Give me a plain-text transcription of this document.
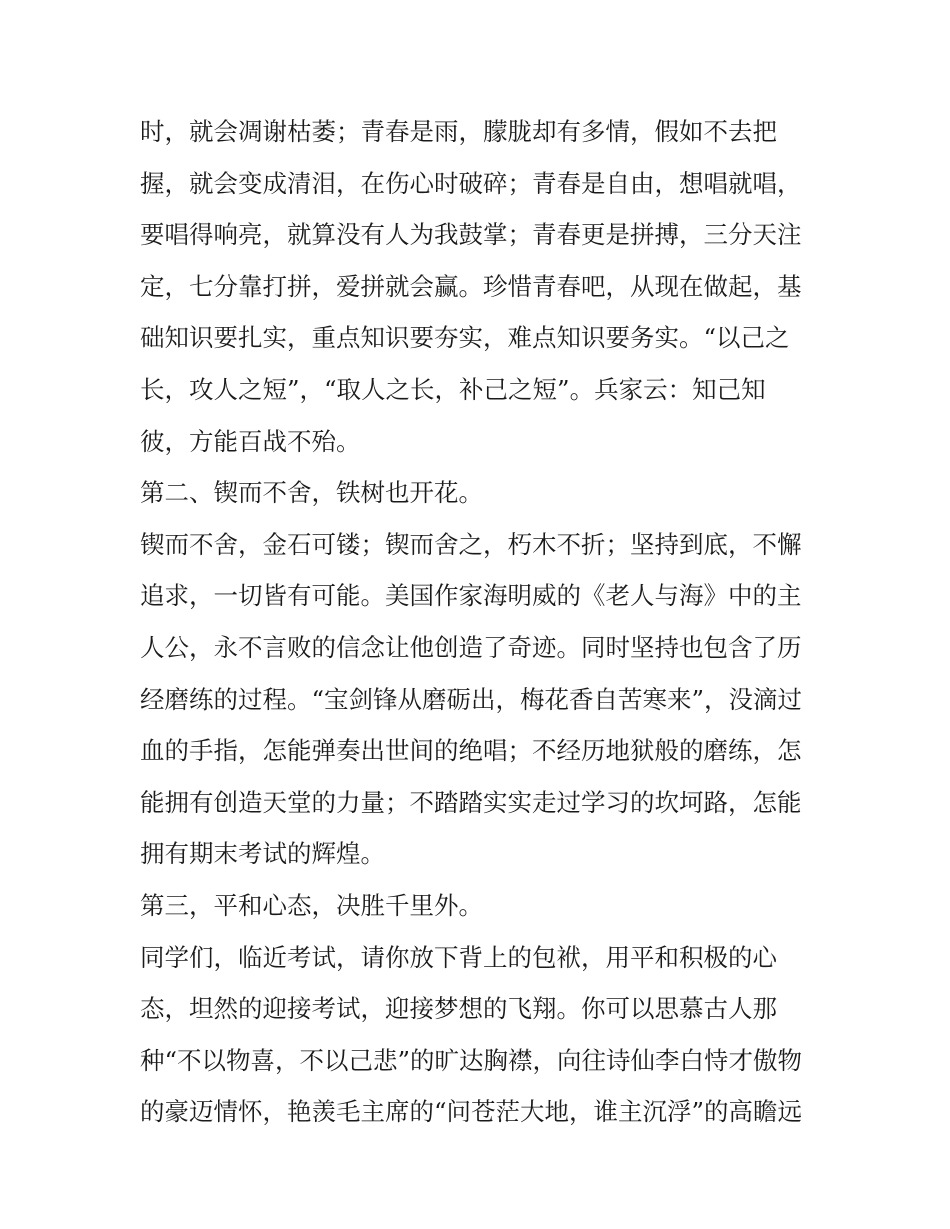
时，就会凋谢枯萎；青春是雨，朦胧却有多情，假如不去把
握，就会变成清泪，在伤心时破碎；青春是自由，想唱就唱，
要唱得响亮，就算没有人为我鼓掌；青春更是拼搏，三分天注
定，七分靠打拼，爱拼就会赢。珍惜青春吧，从现在做起，基
础知识要扎实，重点知识要夯实，难点知识要务实。“以己之
长，攻人之短”，“取人之长，补己之短”。兵家云：知己知
彼，方能百战不殆。
第二、锲而不舍，铁树也开花。
锲而不舍，金石可镂；锲而舍之，朽木不折；坚持到底，不懈
追求，一切皆有可能。美国作家海明威的《老人与海》中的主
人公，永不言败的信念让他创造了奇迹。同时坚持也包含了历
经磨练的过程。“宝剑锋从磨砺出，梅花香自苦寒来”，没滴过
血的手指，怎能弹奏出世间的绝唱；不经历地狱般的磨练，怎
能拥有创造天堂的力量；不踏踏实实走过学习的坎坷路，怎能
拥有期末考试的辉煌。
第三，平和心态，决胜千里外。
同学们，临近考试，请你放下背上的包袱，用平和积极的心
态，坦然的迎接考试，迎接梦想的飞翔。你可以思慕古人那
种“不以物喜，不以己悲”的旷达胸襟，向往诗仙李白恃才傲物
的豪迈情怀，艳羡毛主席的“问苍茫大地，谁主沉浮”的高瞻远
